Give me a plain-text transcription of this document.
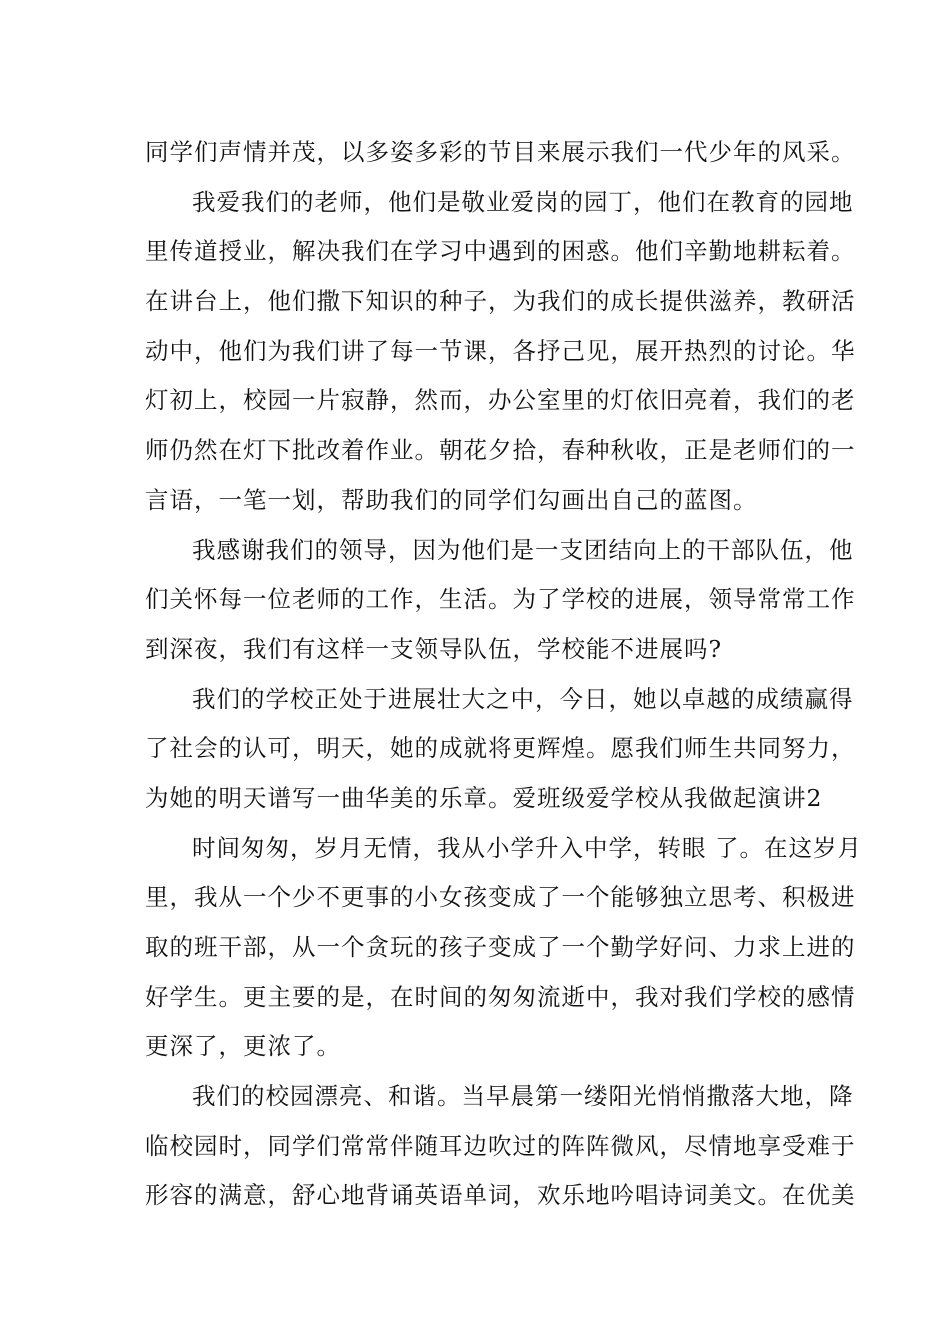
同学们声情并茂，以多姿多彩的节目来展示我们一代少年的风采。
我爱我们的老师，他们是敬业爱岗的园丁，他们在教育的园地
里传道授业，解决我们在学习中遇到的困惑。他们辛勤地耕耘着。
在讲台上，他们撒下知识的种子，为我们的成长提供滋养，教研活
动中，他们为我们讲了每一节课，各抒己见，展开热烈的讨论。华
灯初上，校园一片寂静，然而，办公室里的灯依旧亮着，我们的老
师仍然在灯下批改着作业。朝花夕拾，春种秋收，正是老师们的一
言语，一笔一划，帮助我们的同学们勾画出自己的蓝图。
我感谢我们的领导，因为他们是一支团结向上的干部队伍，他
们关怀每一位老师的工作，生活。为了学校的进展，领导常常工作
到深夜，我们有这样一支领导队伍，学校能不进展吗?
我们的学校正处于进展壮大之中，今日，她以卓越的成绩赢得
了社会的认可，明天，她的成就将更辉煌。愿我们师生共同努力，
为她的明天谱写一曲华美的乐章。爱班级爱学校从我做起演讲2
时间匆匆，岁月无情，我从小学升入中学，转眼 了。在这岁月
里，我从一个少不更事的小女孩变成了一个能够独立思考、积极进
取的班干部，从一个贪玩的孩子变成了一个勤学好问、力求上进的
好学生。更主要的是，在时间的匆匆流逝中，我对我们学校的感情
更深了，更浓了。
我们的校园漂亮、和谐。当早晨第一缕阳光悄悄撒落大地，降
临校园时，同学们常常伴随耳边吹过的阵阵微风，尽情地享受难于
形容的满意，舒心地背诵英语单词，欢乐地吟唱诗词美文。在优美
